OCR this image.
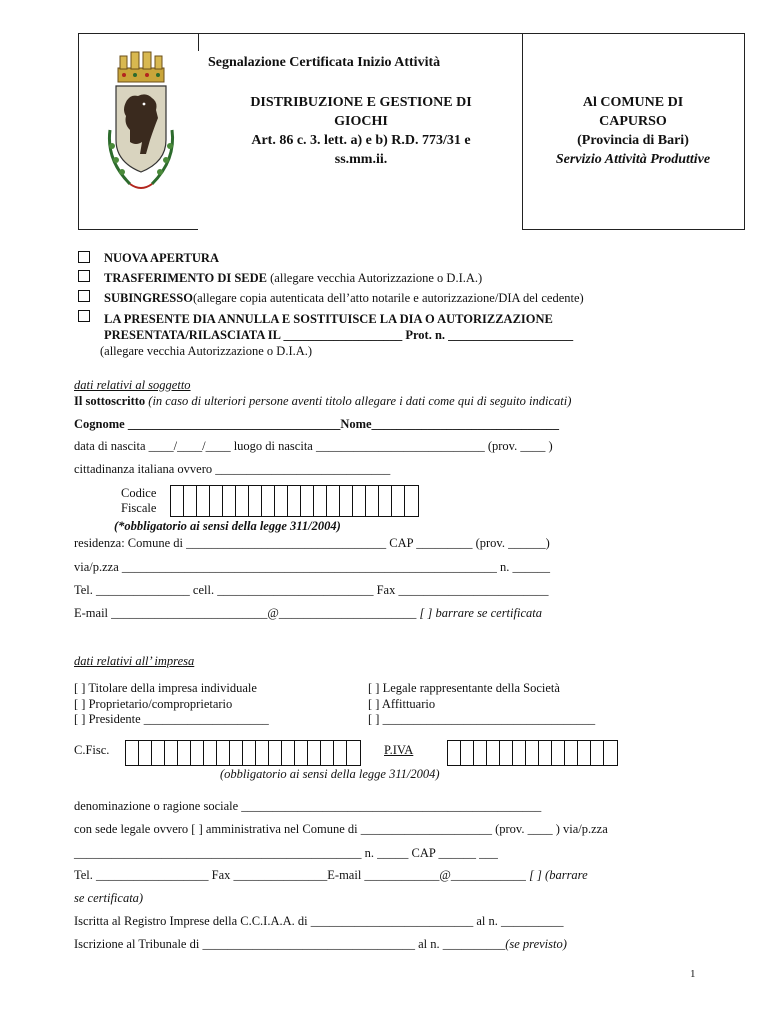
Segnalazione Certificata Inizio Attività
DISTRIBUZIONE E GESTIONE DI
GIOCHI
Art. 86 c. 3. lett. a) e b) R.D. 773/31 e
ss.mm.ii.
Al COMUNE DI
CAPURSO
(Provincia di Bari)
Servizio Attività Produttive
NUOVA APERTURA
TRASFERIMENTO DI SEDE (allegare vecchia Autorizzazione o D.I.A.)
SUBINGRESSO(allegare copia autenticata dell’atto notarile e autorizzazione/DIA del cedente)
LA PRESENTE DIA ANNULLA E SOSTITUISCE LA DIA O AUTORIZZAZIONE
PRESENTATA/RILASCIATA IL ___________________ Prot. n. ____________________
(allegare vecchia Autorizzazione o D.I.A.)
dati relativi al soggetto
Il sottoscritto (in caso di ulteriori persone aventi titolo allegare i dati come qui di seguito indicati)
Cognome __________________________________Nome______________________________
data di nascita ____/____/____ luogo di nascita ___________________________ (prov. ____ )
cittadinanza italiana ovvero ____________________________
Codice
Fiscale
(*obbligatorio ai sensi della legge 311/2004)
residenza: Comune di ________________________________ CAP _________ (prov. ______)
via/p.zza ____________________________________________________________ n. ______
Tel. _______________ cell. _________________________ Fax ________________________
E-mail _________________________@______________________ [ ] barrare se certificata
dati relativi all’ impresa
[ ] Titolare della impresa individuale
[ ] Proprietario/comproprietario
[ ] Presidente ____________________
[ ] Legale rappresentante della Società
[ ] Affittuario
[ ] __________________________________
C.Fisc.	P.IVA
(obbligatorio ai sensi della legge 311/2004)
denominazione o ragione sociale ________________________________________________
con sede legale ovvero [ ] amministrativa nel Comune di _____________________ (prov. ____ ) via/p.zza
______________________________________________ n. _____ CAP ______ ___
Tel. __________________ Fax _______________E-mail ____________@____________ [ ] (barrare
se certificata)
Iscritta al Registro Imprese della C.C.I.A.A. di __________________________ al n. __________
Iscrizione al Tribunale di __________________________________ al n. __________(se previsto)
1
